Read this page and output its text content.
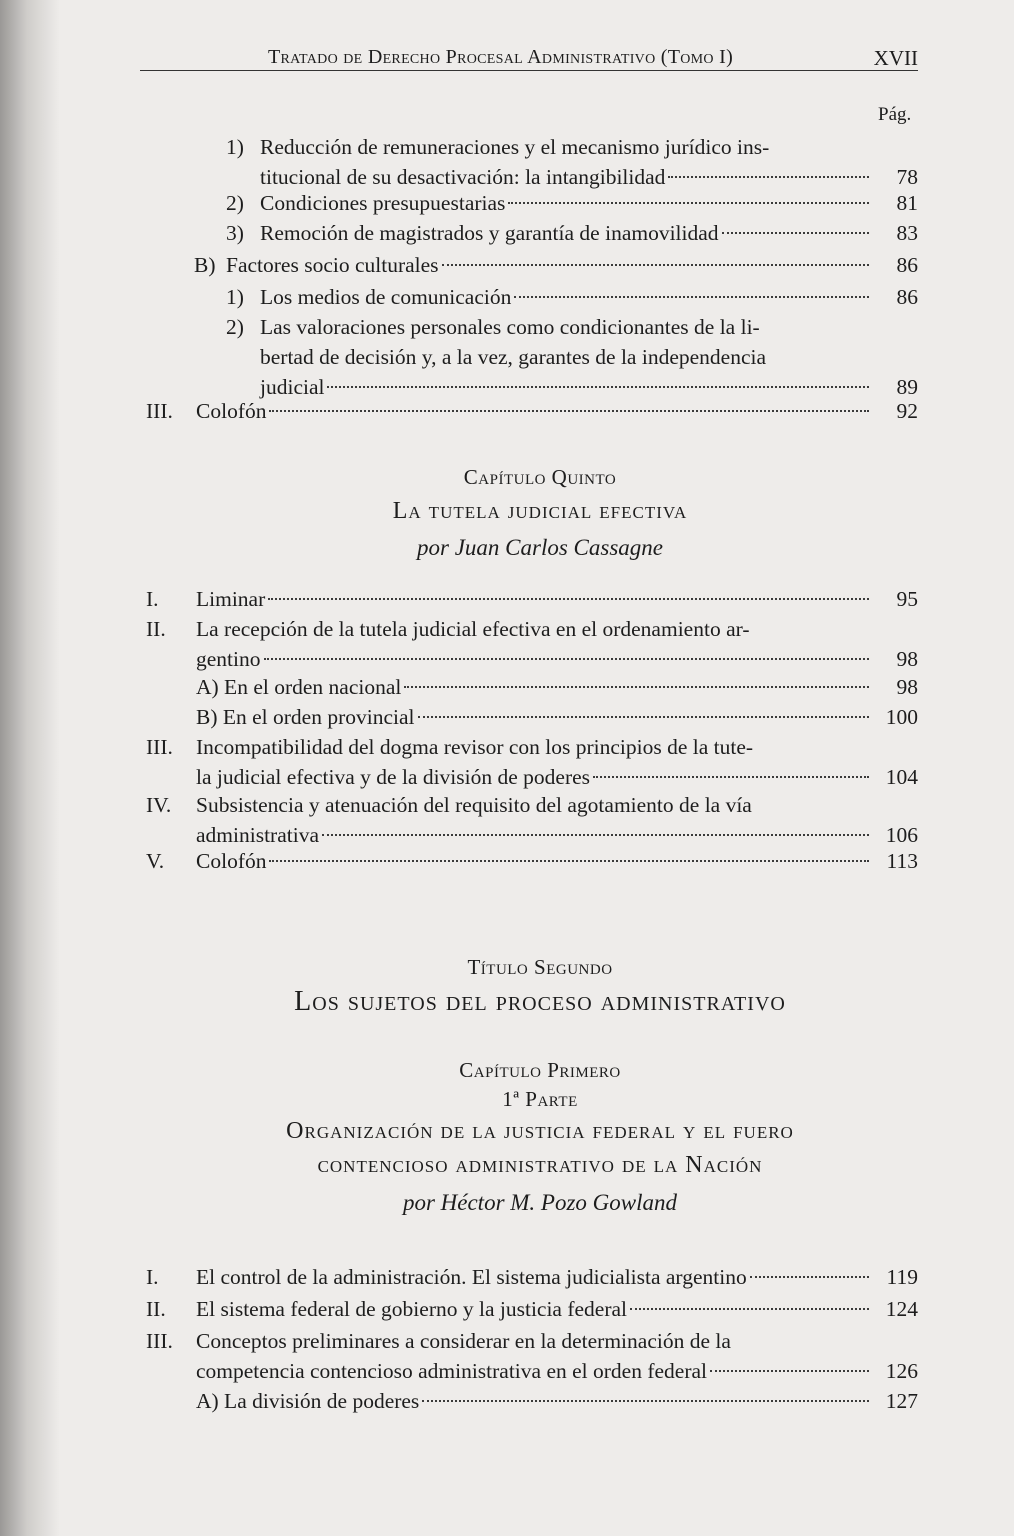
Tratado de Derecho Procesal Administrativo (Tomo I)	XVII
Pág.
1) Reducción de remuneraciones y el mecanismo jurídico ins-
titucional de su desactivación: la intangibilidad	78
2) Condiciones presupuestarias	81
3) Remoción de magistrados y garantía de inamovilidad	83
B) Factores socio culturales	86
1) Los medios de comunicación	86
2) Las valoraciones personales como condicionantes de la li-
bertad de decisión y, a la vez, garantes de la independencia
judicial	89
III. Colofón	92
Capítulo Quinto
La tutela judicial efectiva
por Juan Carlos Cassagne
I. Liminar	95
II. La recepción de la tutela judicial efectiva en el ordenamiento ar-
gentino	98
A) En el orden nacional	98
B) En el orden provincial	100
III. Incompatibilidad del dogma revisor con los principios de la tute-
la judicial efectiva y de la división de poderes	104
IV. Subsistencia y atenuación del requisito del agotamiento de la vía
administrativa	106
V. Colofón	113
Título Segundo
Los sujetos del proceso administrativo
Capítulo Primero
1ª Parte
Organización de la justicia federal y el fuero
contencioso administrativo de la Nación
por Héctor M. Pozo Gowland
I. El control de la administración. El sistema judicialista argentino	119
II. El sistema federal de gobierno y la justicia federal	124
III. Conceptos preliminares a considerar en la determinación de la
competencia contencioso administrativa en el orden federal	126
A) La división de poderes	127
